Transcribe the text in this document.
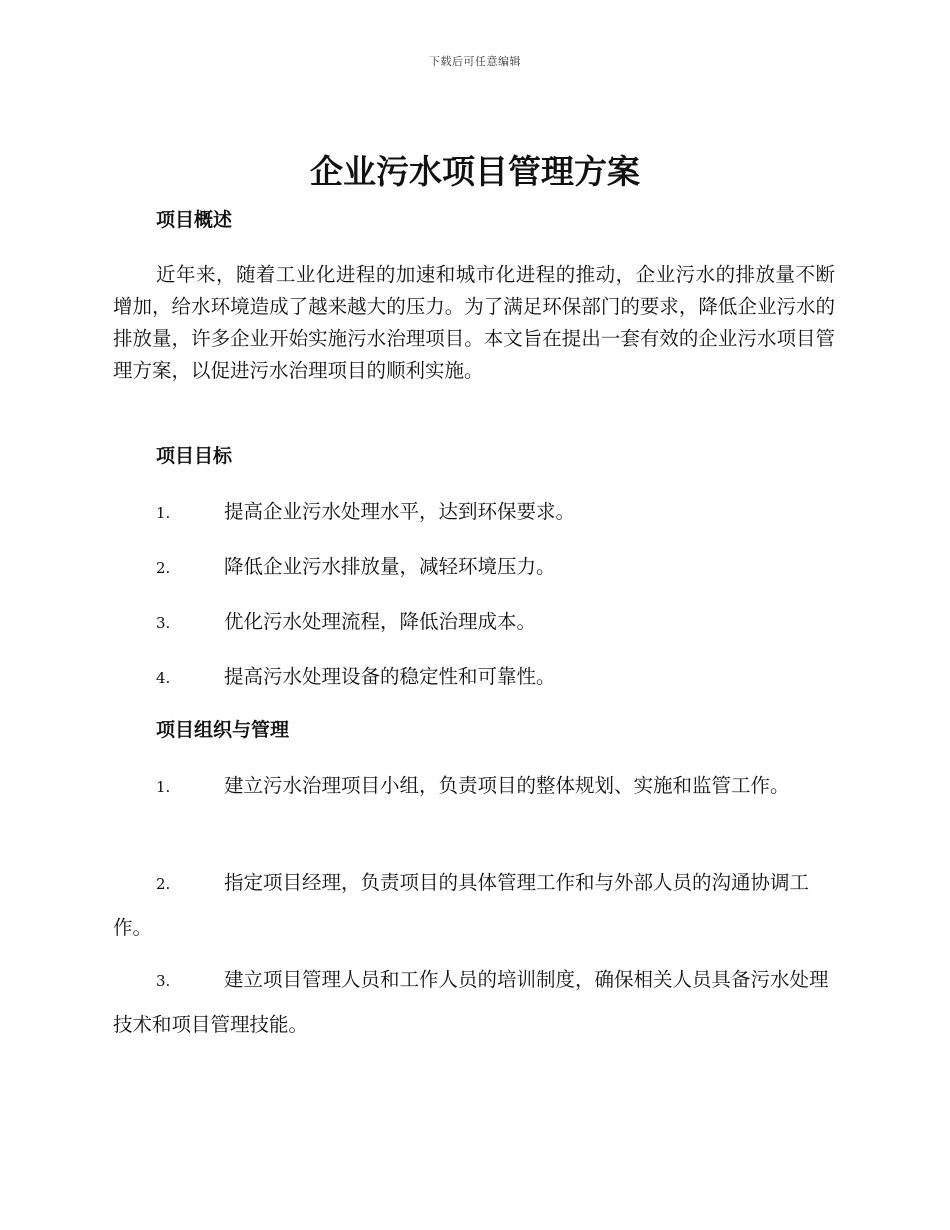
下载后可任意编辑
企业污水项目管理方案
项目概述

近年来，随着工业化进程的加速和城市化进程的推动，企业污水的排放量不断增加，给水环境造成了越来越大的压力。为了满足环保部门的要求，降低企业污水的排放量，许多企业开始实施污水治理项目。本文旨在提出一套有效的企业污水项目管理方案，以促进污水治理项目的顺利实施。

项目目标
1.	提高企业污水处理水平，达到环保要求。
2.	降低企业污水排放量，减轻环境压力。
3.	优化污水处理流程，降低治理成本。
4.	提高污水处理设备的稳定性和可靠性。
项目组织与管理
1.	建立污水治理项目小组，负责项目的整体规划、实施和监管工作。
2.	指定项目经理，负责项目的具体管理工作和与外部人员的沟通协调工作。
3.	建立项目管理人员和工作人员的培训制度，确保相关人员具备污水处理技术和项目管理技能。
